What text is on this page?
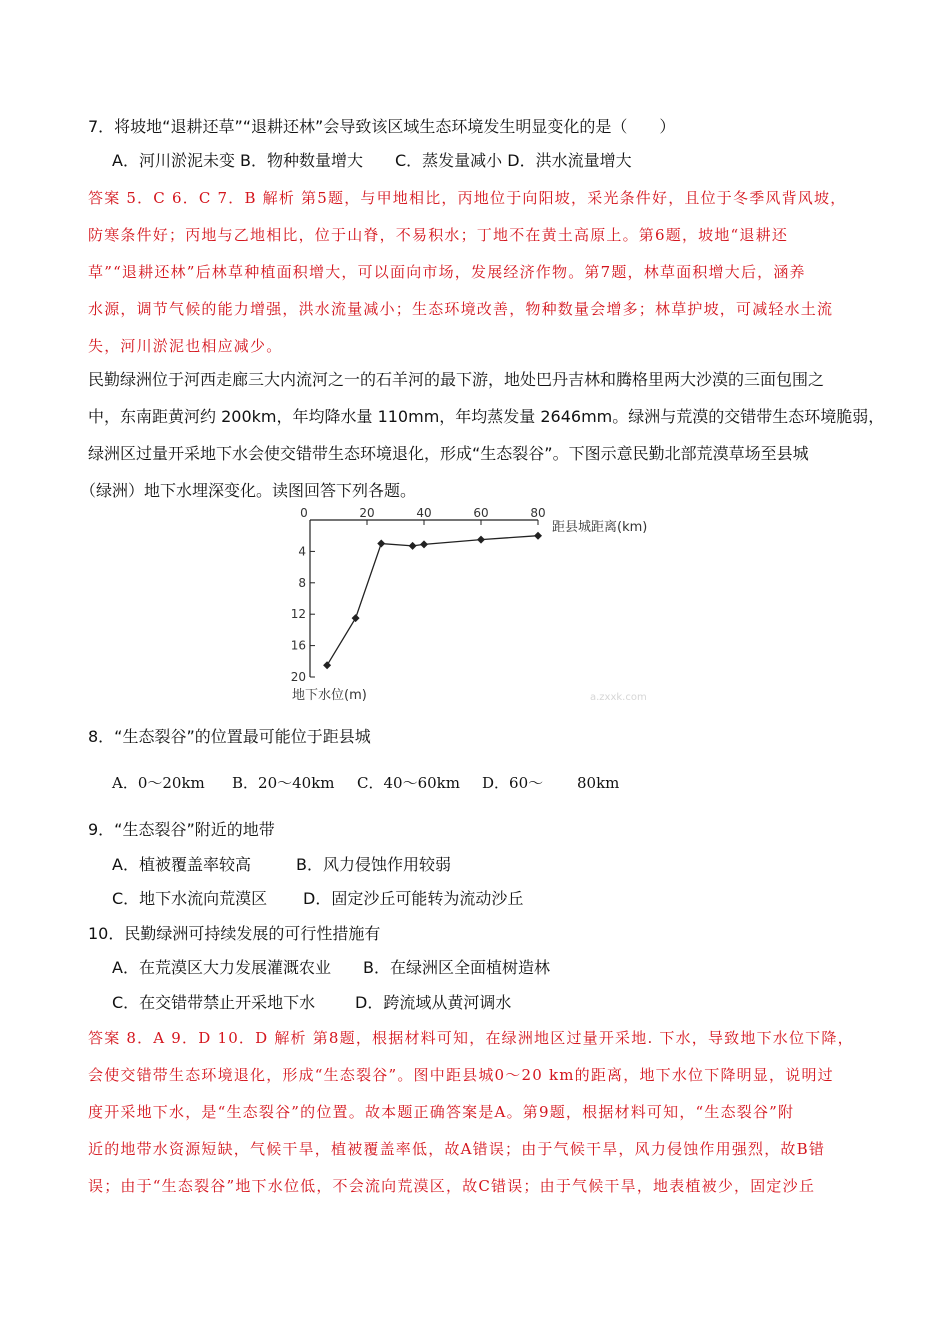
7．将坡地“退耕还草”“退耕还林”会导致该区域生态环境发生明显变化的是（　　）
A．河川淤泥未变 B．物种数量增大　　C．蒸发量减小 D．洪水流量增大
答案 5．C 6．C 7．B 解析 第5题，与甲地相比，丙地位于向阳坡，采光条件好，且位于冬季风背风坡，
防寒条件好；丙地与乙地相比，位于山脊，不易积水；丁地不在黄土高原上。第6题，坡地“退耕还
草”“退耕还林”后林草种植面积增大，可以面向市场，发展经济作物。第7题，林草面积增大后，涵养
水源，调节气候的能力增强，洪水流量减小；生态环境改善，物种数量会增多；林草护坡，可减轻水土流
失，河川淤泥也相应减少。
民勤绿洲位于河西走廊三大内流河之一的石羊河的最下游，地处巴丹吉林和腾格里两大沙漠的三面包围之
中，东南距黄河约 200km，年均降水量 110mm，年均蒸发量 2646mm。绿洲与荒漠的交错带生态环境脆弱，
绿洲区过量开采地下水会使交错带生态环境退化，形成“生态裂谷”。下图示意民勤北部荒漠草场至县城
（绿洲）地下水埋深变化。读图回答下列各题。
0	20	40	60	80
4
8
12
16
20
距县城距离(km)
地下水位(m)	a.zxxk.com
8．“生态裂谷”的位置最可能位于距县城
A．0～20km B．20～40km C．40～60km D．60～ 80km
9．“生态裂谷”附近的地带
A．植被覆盖率较高	B．风力侵蚀作用较弱
C．地下水流向荒漠区 D．固定沙丘可能转为流动沙丘
10．民勤绿洲可持续发展的可行性措施有
A．在荒漠区大力发展灌溉农业 B．在绿洲区全面植树造林
C．在交错带禁止开采地下水 D．跨流域从黄河调水
答案 8．A 9．D 10．D 解析 第8题，根据材料可知，在绿洲地区过量开采地. 下水，导致地下水位下降，
会使交错带生态环境退化，形成“生态裂谷”。图中距县城0～20 km的距离，地下水位下降明显，说明过
度开采地下水，是“生态裂谷”的位置。故本题正确答案是A。第9题，根据材料可知，“生态裂谷”附
近的地带水资源短缺，气候干旱，植被覆盖率低，故A错误；由于气候干旱，风力侵蚀作用强烈，故B错
误；由于“生态裂谷”地下水位低，不会流向荒漠区，故C错误；由于气候干旱，地表植被少，固定沙丘
